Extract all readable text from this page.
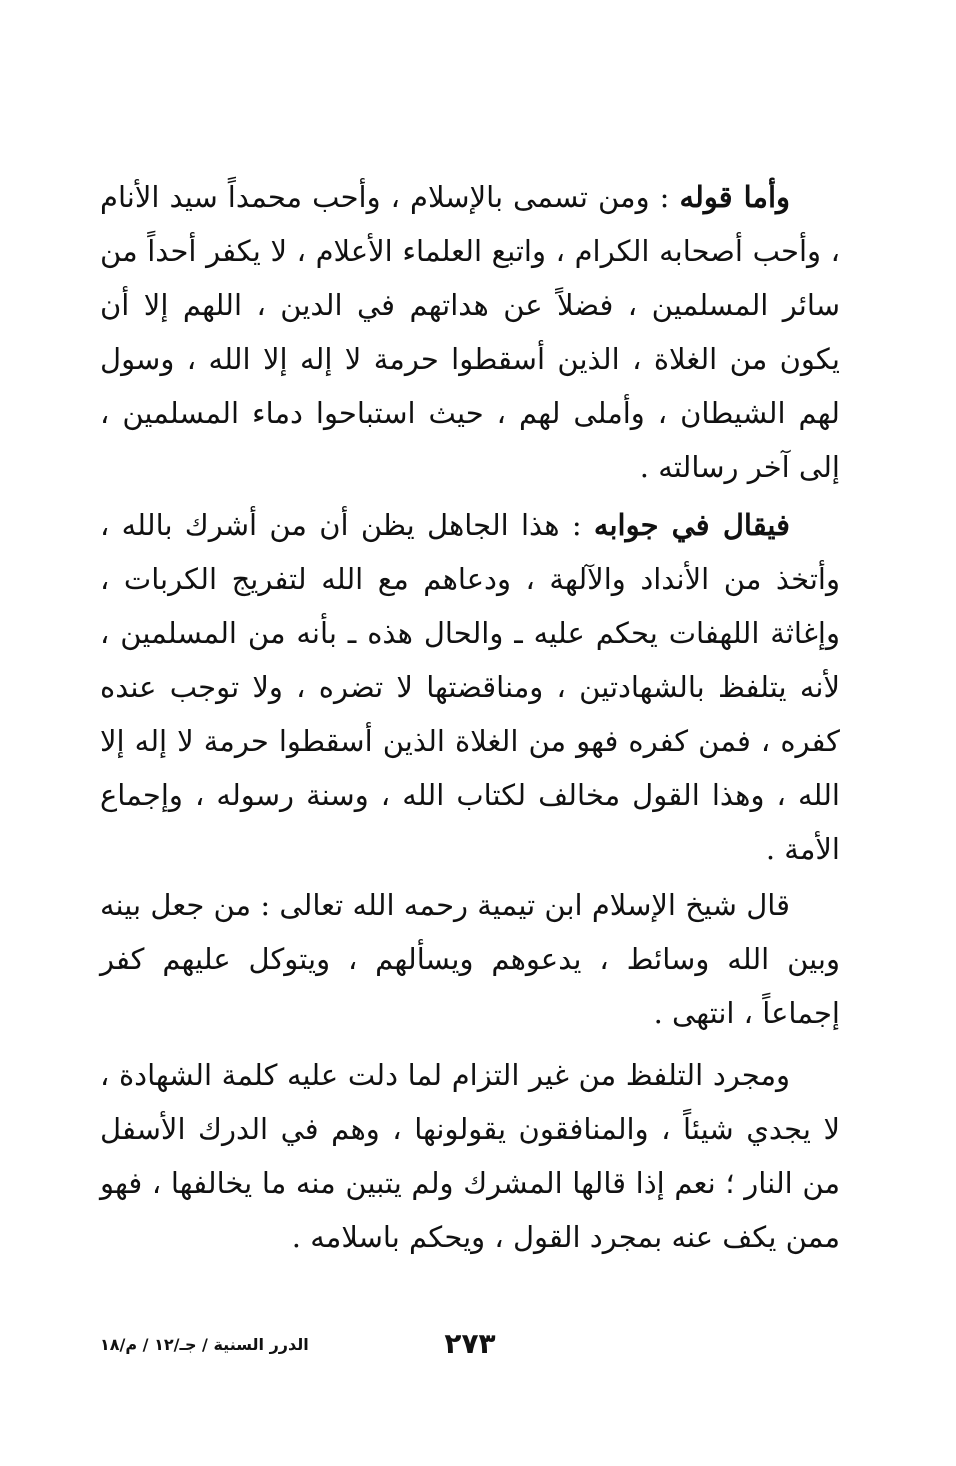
وأما قوله : ومن تسمى بالإسلام ، وأحب محمداً سيد الأنام ، وأحب أصحابه الكرام ، واتبع العلماء الأعلام ، لا يكفر أحداً من سائر المسلمين ، فضلاً عن هداتهم في الدين ، اللهم إلا أن يكون من الغلاة ، الذين أسقطوا حرمة لا إله إلا الله ، وسول لهم الشيطان ، وأملى لهم ، حيث استباحوا دماء المسلمين ، إلى آخر رسالته .

فيقال في جوابه : هذا الجاهل يظن أن من أشرك بالله ، وأتخذ من الأنداد والآلهة ، ودعاهم مع الله لتفريج الكربات ، وإغاثة اللهفات يحكم عليه ـ والحال هذه ـ بأنه من المسلمين ، لأنه يتلفظ بالشهادتين ، ومناقضتها لا تضره ، ولا توجب عنده كفره ، فمن كفره فهو من الغلاة الذين أسقطوا حرمة لا إله إلا الله ، وهذا القول مخالف لكتاب الله ، وسنة رسوله ، وإجماع الأمة .

قال شيخ الإسلام ابن تيمية رحمه الله تعالى : من جعل بينه وبين الله وسائط ، يدعوهم ويسألهم ، ويتوكل عليهم كفر إجماعاً ، انتهى .

ومجرد التلفظ من غير التزام لما دلت عليه كلمة الشهادة ، لا يجدي شيئاً ، والمنافقون يقولونها ، وهم في الدرك الأسفل من النار ؛ نعم إذا قالها المشرك ولم يتبين منه ما يخالفها ، فهو ممن يكف عنه بمجرد القول ، ويحكم باسلامه .

٢٧٣
الدرر السنية / جـ/١٢ / م/١٨
